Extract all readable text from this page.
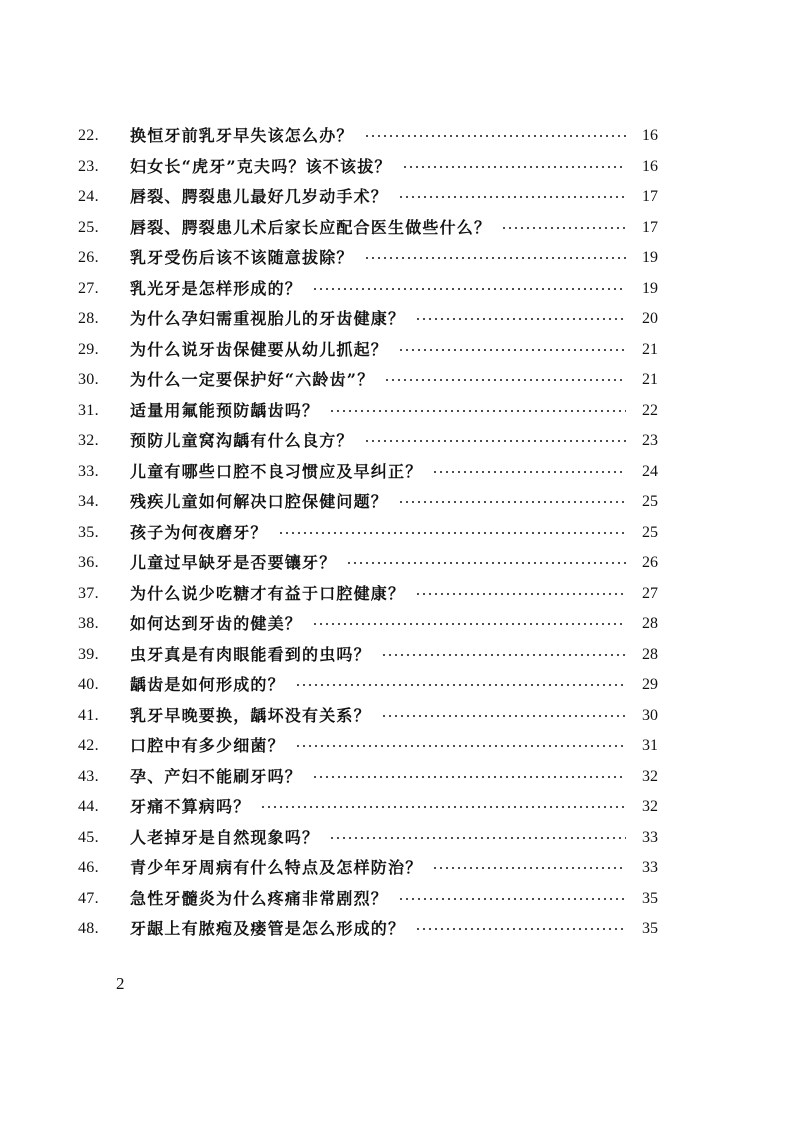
22.	换恒牙前乳牙早失该怎么办？	16
23.	妇女长“虎牙”克夫吗？该不该拔？	16
24.	唇裂、腭裂患儿最好几岁动手术？	17
25.	唇裂、腭裂患儿术后家长应配合医生做些什么？	17
26.	乳牙受伤后该不该随意拔除？	19
27.	乳光牙是怎样形成的？	19
28.	为什么孕妇需重视胎儿的牙齿健康？	20
29.	为什么说牙齿保健要从幼儿抓起？	21
30.	为什么一定要保护好“六龄齿”？	21
31.	适量用氟能预防龋齿吗？	22
32.	预防儿童窝沟龋有什么良方？	23
33.	儿童有哪些口腔不良习惯应及早纠正？	24
34.	残疾儿童如何解决口腔保健问题？	25
35.	孩子为何夜磨牙？	25
36.	儿童过早缺牙是否要镶牙？	26
37.	为什么说少吃糖才有益于口腔健康？	27
38.	如何达到牙齿的健美？	28
39.	虫牙真是有肉眼能看到的虫吗？	28
40.	龋齿是如何形成的？	29
41.	乳牙早晚要换，龋坏没有关系？	30
42.	口腔中有多少细菌？	31
43.	孕、产妇不能刷牙吗？	32
44.	牙痛不算病吗？	32
45.	人老掉牙是自然现象吗？	33
46.	青少年牙周病有什么特点及怎样防治？	33
47.	急性牙髓炎为什么疼痛非常剧烈？	35
48.	牙龈上有脓疱及瘘管是怎么形成的？	35
2
